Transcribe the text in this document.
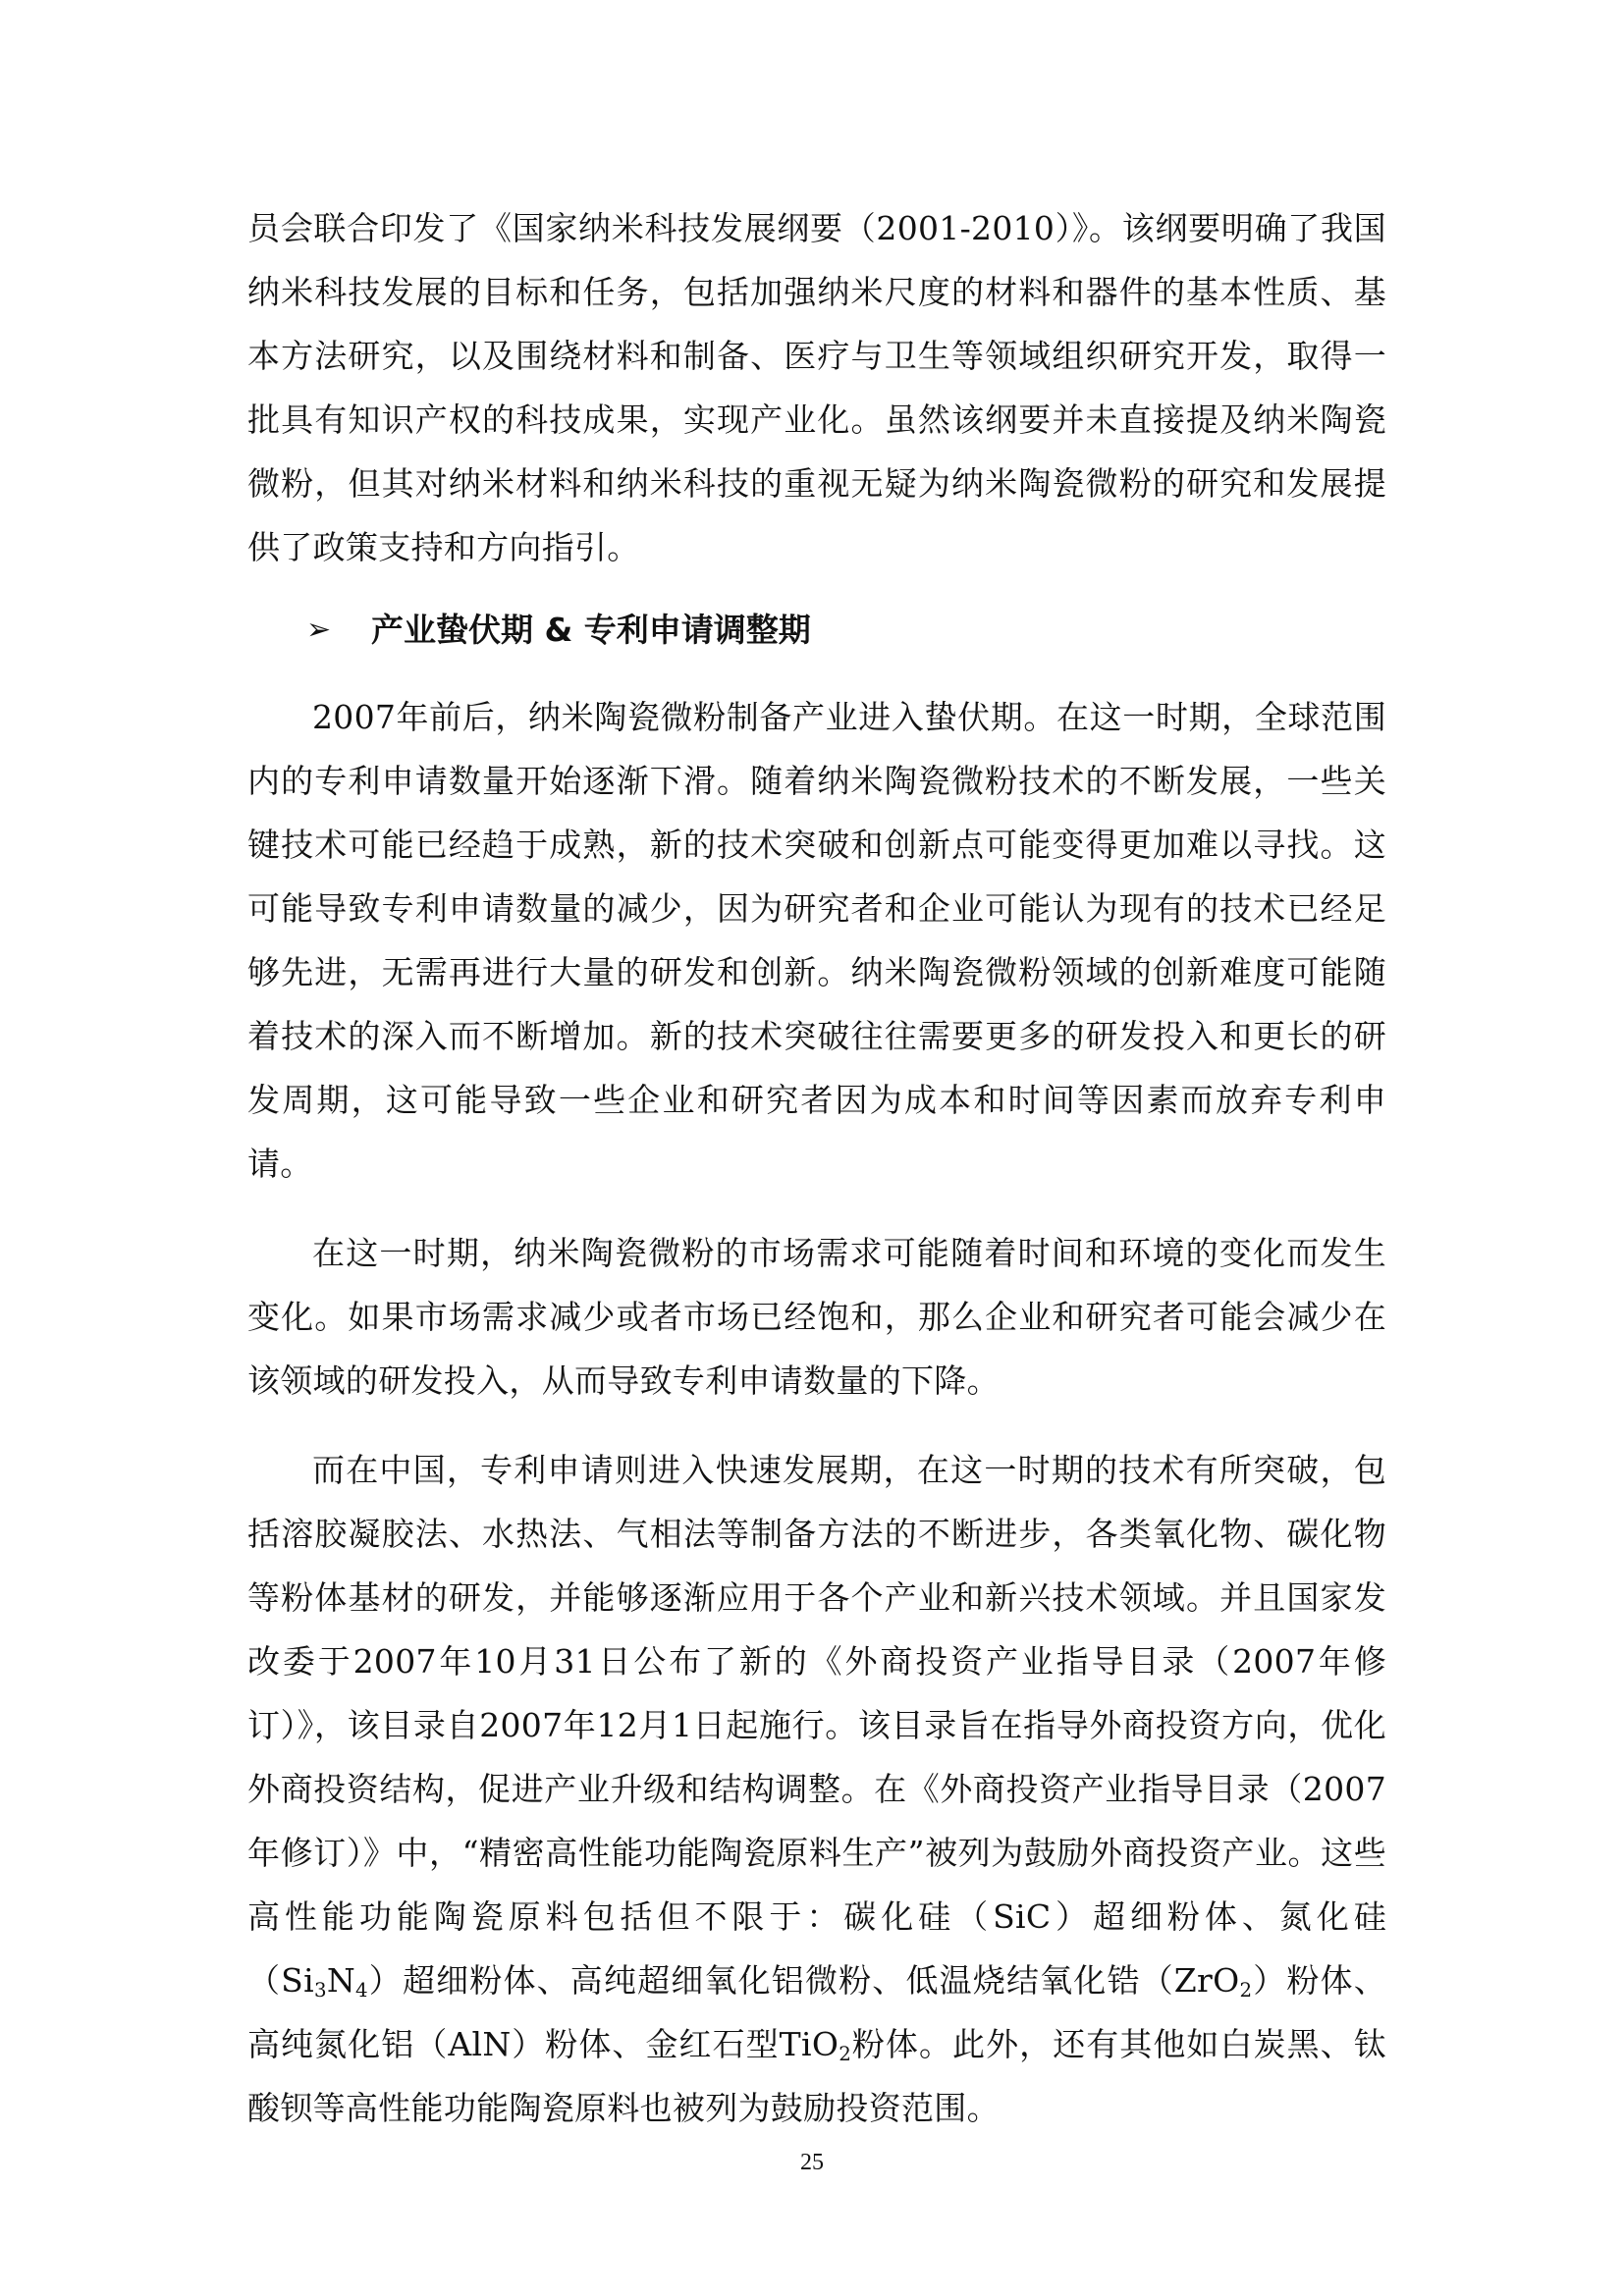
员会联合印发了《国家纳米科技发展纲要（2001-2010）》。该纲要明确了我国纳米科技发展的目标和任务，包括加强纳米尺度的材料和器件的基本性质、基本方法研究，以及围绕材料和制备、医疗与卫生等领域组织研究开发，取得一批具有知识产权的科技成果，实现产业化。虽然该纲要并未直接提及纳米陶瓷微粉，但其对纳米材料和纳米科技的重视无疑为纳米陶瓷微粉的研究和发展提供了政策支持和方向指引。

➢	产业蛰伏期 & 专利申请调整期

2007年前后，纳米陶瓷微粉制备产业进入蛰伏期。在这一时期，全球范围内的专利申请数量开始逐渐下滑。随着纳米陶瓷微粉技术的不断发展，一些关键技术可能已经趋于成熟，新的技术突破和创新点可能变得更加难以寻找。这可能导致专利申请数量的减少，因为研究者和企业可能认为现有的技术已经足够先进，无需再进行大量的研发和创新。纳米陶瓷微粉领域的创新难度可能随着技术的深入而不断增加。新的技术突破往往需要更多的研发投入和更长的研发周期，这可能导致一些企业和研究者因为成本和时间等因素而放弃专利申请。

在这一时期，纳米陶瓷微粉的市场需求可能随着时间和环境的变化而发生变化。如果市场需求减少或者市场已经饱和，那么企业和研究者可能会减少在该领域的研发投入，从而导致专利申请数量的下降。

而在中国，专利申请则进入快速发展期，在这一时期的技术有所突破，包括溶胶凝胶法、水热法、气相法等制备方法的不断进步，各类氧化物、碳化物等粉体基材的研发，并能够逐渐应用于各个产业和新兴技术领域。并且国家发改委于2007年10月31日公布了新的《外商投资产业指导目录（2007年修订）》，该目录自2007年12月1日起施行。该目录旨在指导外商投资方向，优化外商投资结构，促进产业升级和结构调整。在《外商投资产业指导目录（2007年修订）》中，“精密高性能功能陶瓷原料生产”被列为鼓励外商投资产业。这些高性能功能陶瓷原料包括但不限于：碳化硅（SiC）超细粉体、氮化硅$(Si_3N_4)$超细粉体、高纯超细氧化铝微粉、低温烧结氧化锆（ZrO$_2$）粉体、高纯氮化铝（AlN）粉体、金红石型TiO$_2$粉体。此外，还有其他如白炭黑、钛酸钡等高性能功能陶瓷原料也被列为鼓励投资范围。

25
